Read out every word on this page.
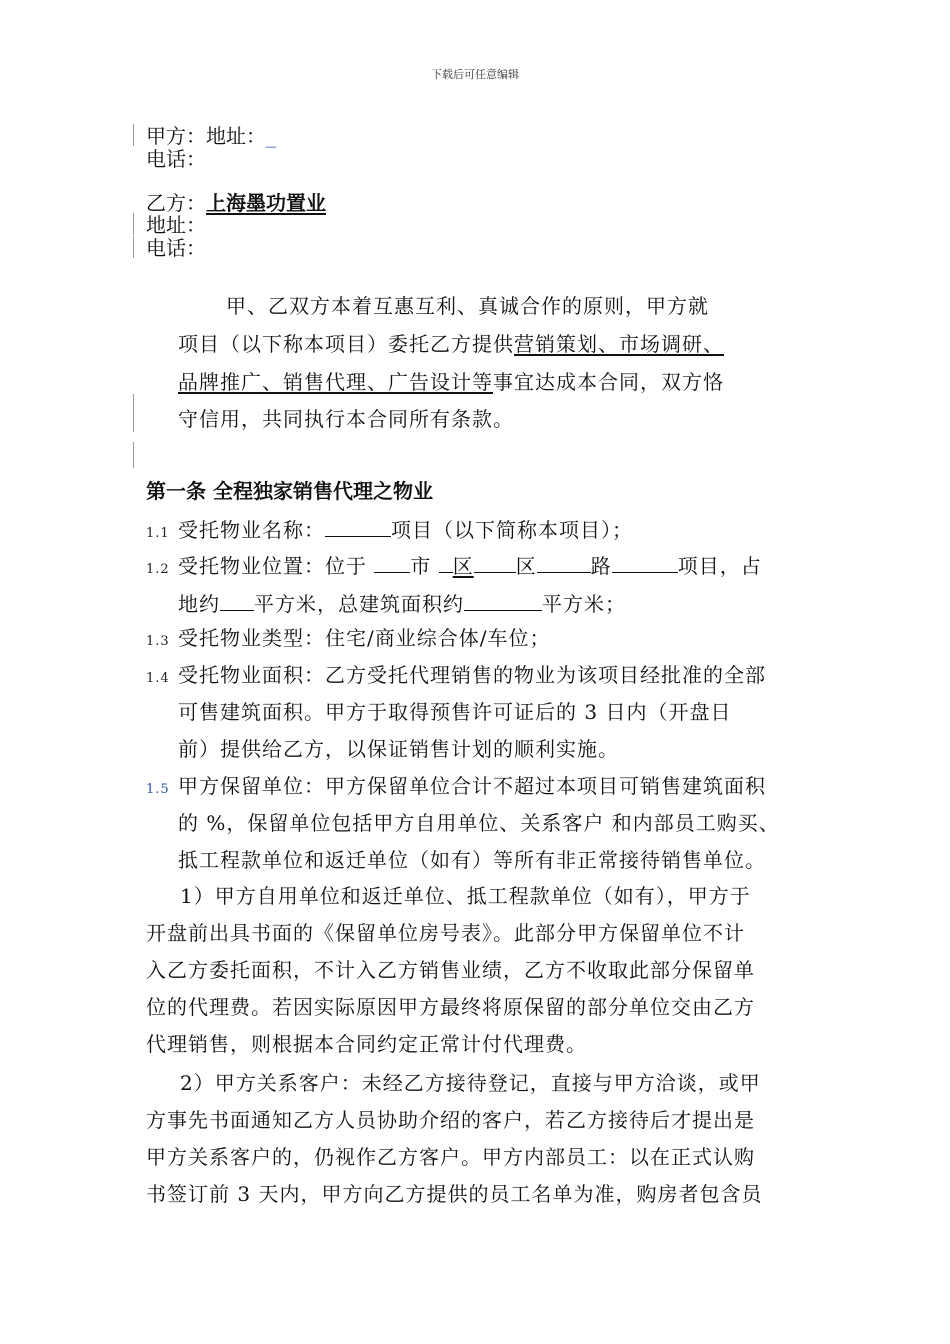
下载后可任意编辑
甲方：地址：_
电话：
乙方：上海墨功置业
地址：
电话：
甲、乙双方本着互惠互利、真诚合作的原则，甲方就
项目（以下称本项目）委托乙方提供营销策划、市场调研、
品牌推广、销售代理、广告设计等事宜达成本合同，双方恪
守信用，共同执行本合同所有条款。
第一条 全程独家销售代理之物业
1.1 受托物业名称：	项目（以下简称本项目）；
1.2 受托物业位置：位于 市 区 区	路	项目，占
地约 平方米，总建筑面积约	平方米；
1.3 受托物业类型：住宅/商业综合体/车位；
1.4 受托物业面积：乙方受托代理销售的物业为该项目经批准的全部
可售建筑面积。甲方于取得预售许可证后的 3 日内（开盘日
前）提供给乙方，以保证销售计划的顺利实施。
1.5 甲方保留单位：甲方保留单位合计不超过本项目可销售建筑面积
的 %，保留单位包括甲方自用单位、关系客户 和内部员工购买、
抵工程款单位和返迁单位（如有）等所有非正常接待销售单位。
1）甲方自用单位和返迁单位、抵工程款单位（如有），甲方于
开盘前出具书面的《保留单位房号表》。此部分甲方保留单位不计
入乙方委托面积，不计入乙方销售业绩，乙方不收取此部分保留单
位的代理费。若因实际原因甲方最终将原保留的部分单位交由乙方
代理销售，则根据本合同约定正常计付代理费。
2）甲方关系客户：未经乙方接待登记，直接与甲方洽谈，或甲
方事先书面通知乙方人员协助介绍的客户，若乙方接待后才提出是
甲方关系客户的，仍视作乙方客户。甲方内部员工：以在正式认购
书签订前 3 天内，甲方向乙方提供的员工名单为准，购房者包含员
